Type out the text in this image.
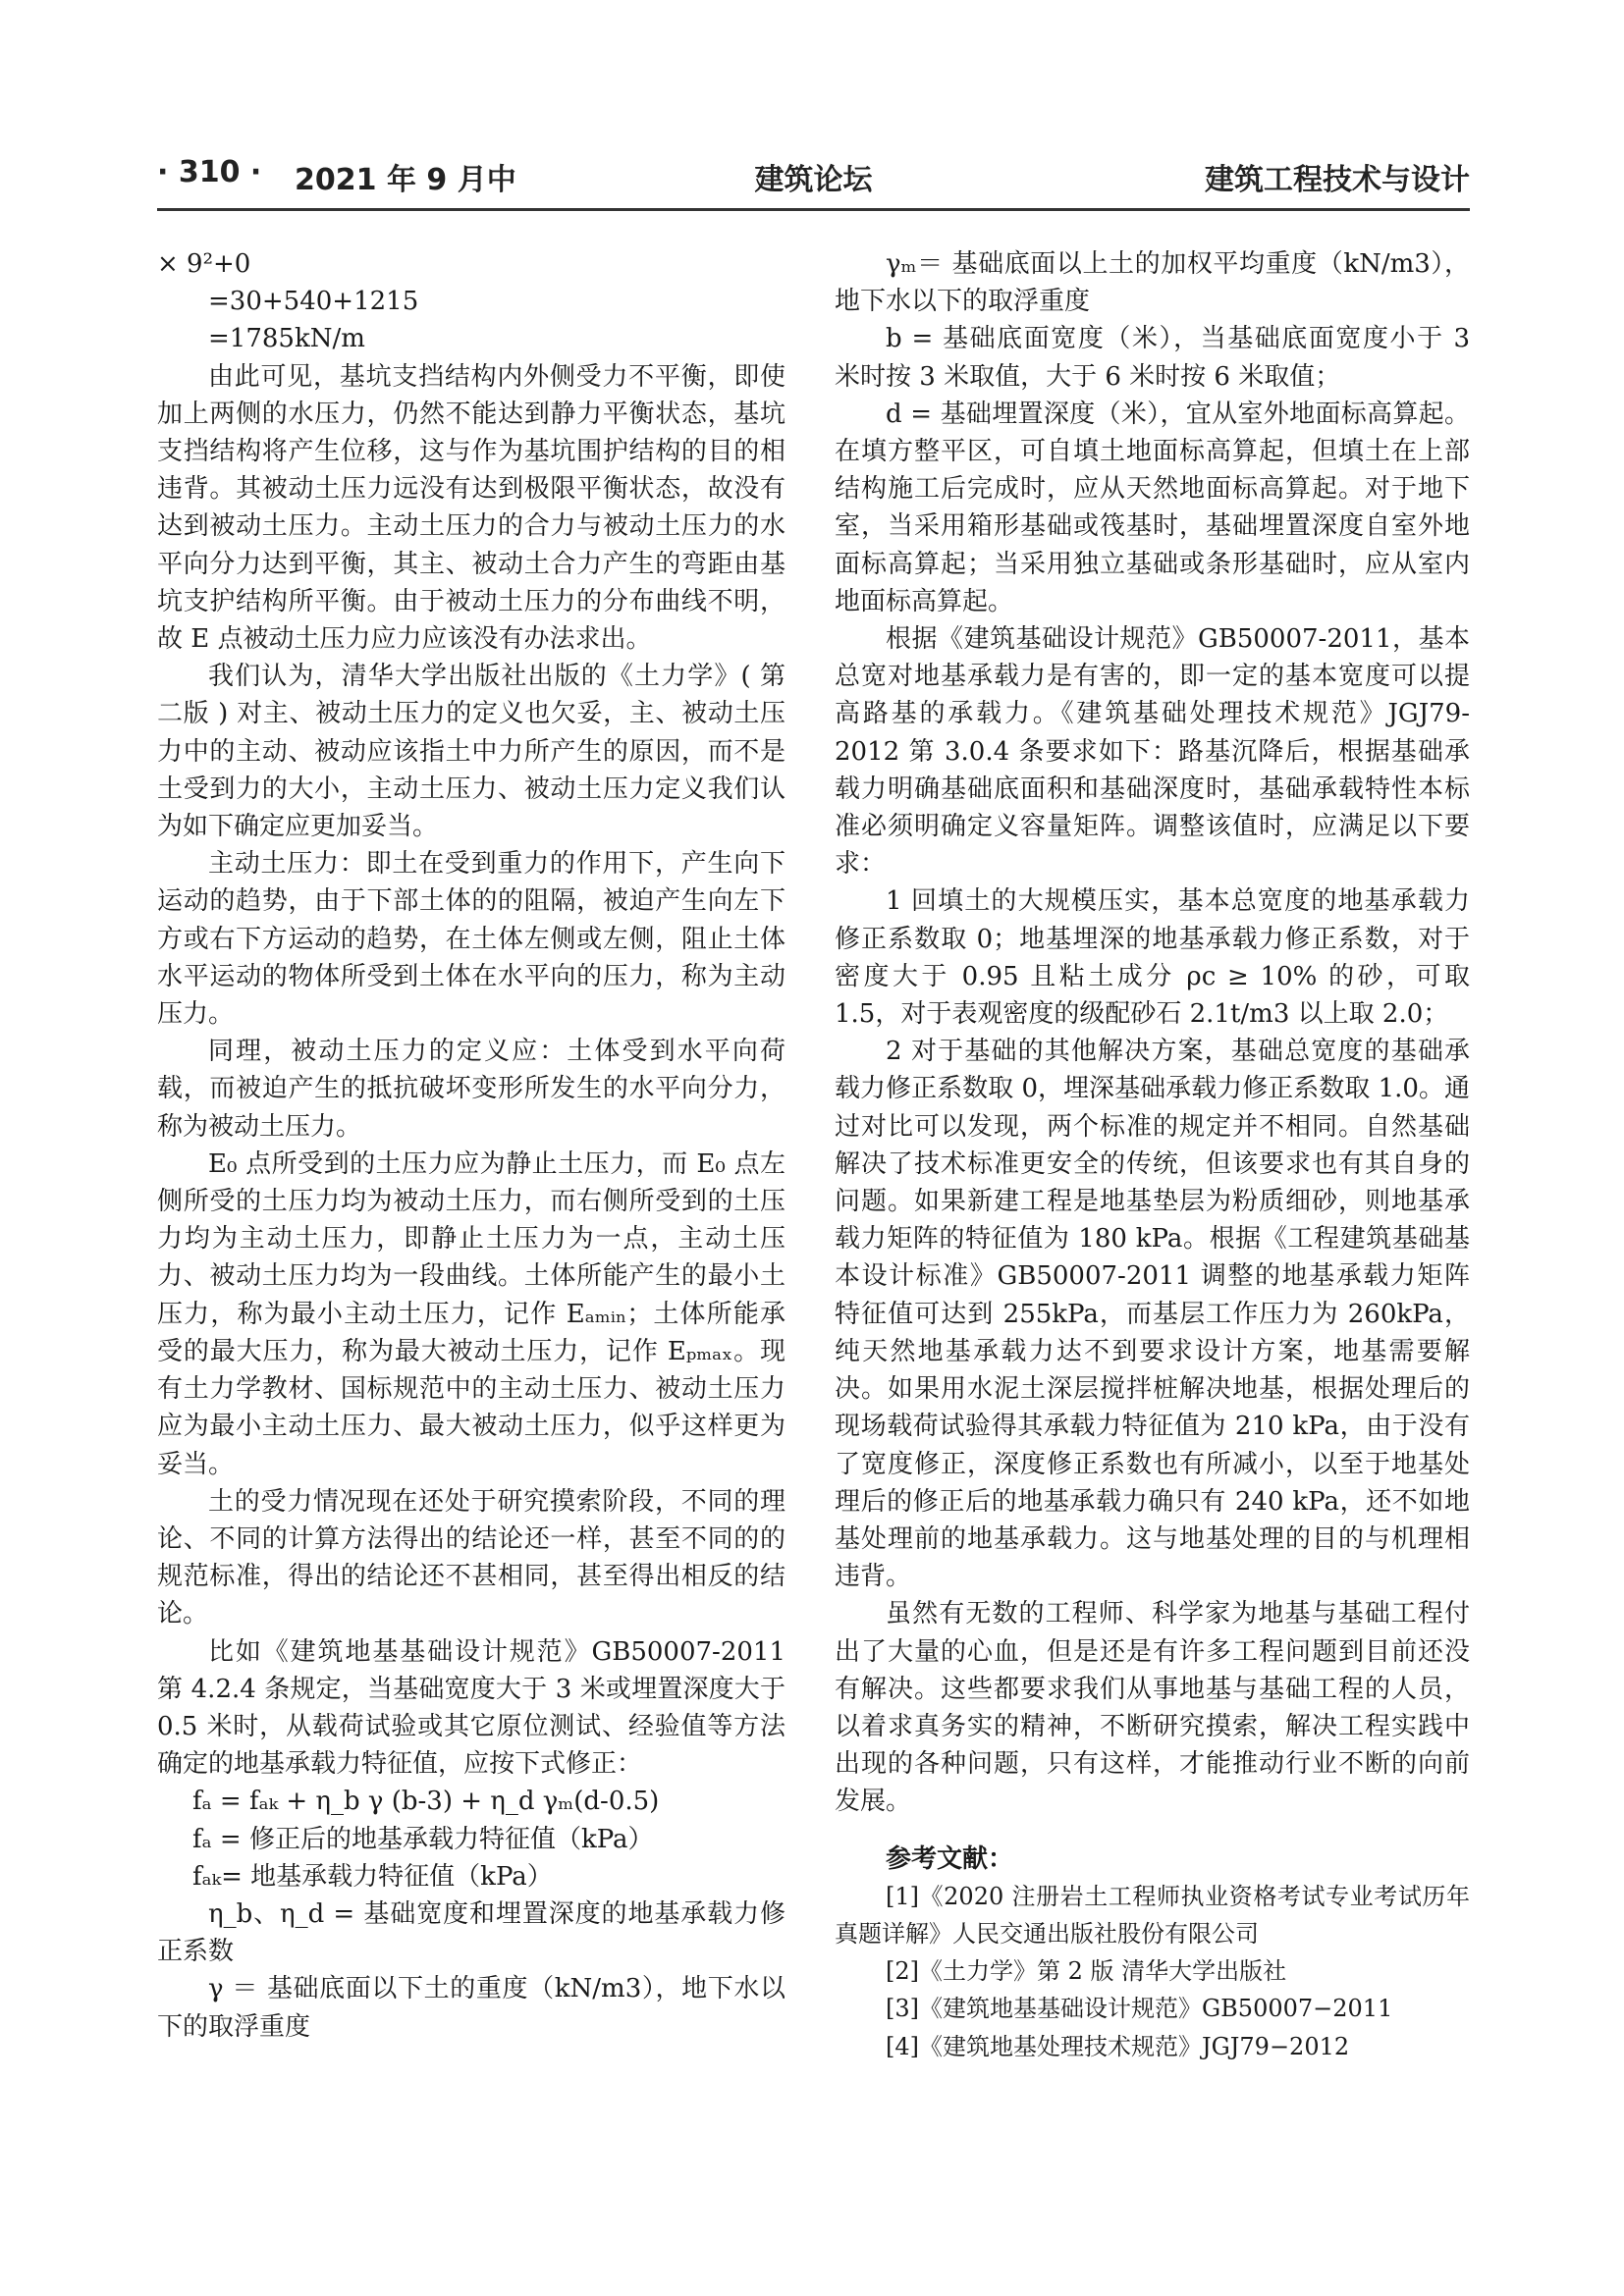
· 310 · 2021 年 9 月中	建筑论坛	建筑工程技术与设计

× 9²+0

=30+540+1215

=1785kN/m

由此可见，基坑支挡结构内外侧受力不平衡，即使加上两侧的水压力，仍然不能达到静力平衡状态，基坑支挡结构将产生位移，这与作为基坑围护结构的目的相违背。其被动土压力远没有达到极限平衡状态，故没有达到被动土压力。主动土压力的合力与被动土压力的水平向分力达到平衡，其主、被动土合力产生的弯距由基坑支护结构所平衡。由于被动土压力的分布曲线不明，故 E 点被动土压力应力应该没有办法求出。

我们认为，清华大学出版社出版的《土力学》( 第二版 ) 对主、被动土压力的定义也欠妥，主、被动土压力中的主动、被动应该指土中力所产生的原因，而不是土受到力的大小，主动土压力、被动土压力定义我们认为如下确定应更加妥当。

主动土压力：即土在受到重力的作用下，产生向下运动的趋势，由于下部土体的的阻隔，被迫产生向左下方或右下方运动的趋势，在土体左侧或左侧，阻止土体水平运动的物体所受到土体在水平向的压力，称为主动压力。

同理，被动土压力的定义应：土体受到水平向荷载，而被迫产生的抵抗破坏变形所发生的水平向分力，称为被动土压力。

E₀ 点所受到的土压力应为静止土压力，而 E₀ 点左侧所受的土压力均为被动土压力，而右侧所受到的土压力均为主动土压力，即静止土压力为一点，主动土压力、被动土压力均为一段曲线。土体所能产生的最小土压力，称为最小主动土压力，记作 Eₐₘᵢₙ；土体所能承受的最大压力，称为最大被动土压力，记作 Eₚₘₐₓ。现有土力学教材、国标规范中的主动土压力、被动土压力应为最小主动土压力、最大被动土压力，似乎这样更为妥当。

土的受力情况现在还处于研究摸索阶段，不同的理论、不同的计算方法得出的结论还一样，甚至不同的的规范标准，得出的结论还不甚相同，甚至得出相反的结论。

比如《建筑地基基础设计规范》GB50007-2011 第 4.2.4 条规定，当基础宽度大于 3 米或埋置深度大于 0.5 米时，从载荷试验或其它原位测试、经验值等方法确定的地基承载力特征值，应按下式修正：

fₐ = fₐₖ + η_b γ (b-3) + η_d γₘ(d-0.5)

fₐ = 修正后的地基承载力特征值（kPa）

fₐₖ= 地基承载力特征值（kPa）

η_b、η_d = 基础宽度和埋置深度的地基承载力修正系数

γ ＝ 基础底面以下土的重度（kN/m3），地下水以下的取浮重度

γₘ＝ 基础底面以上土的加权平均重度（kN/m3），地下水以下的取浮重度

b = 基础底面宽度（米），当基础底面宽度小于 3 米时按 3 米取值，大于 6 米时按 6 米取值；

d = 基础埋置深度（米），宜从室外地面标高算起。在填方整平区，可自填土地面标高算起，但填土在上部结构施工后完成时，应从天然地面标高算起。对于地下室，当采用箱形基础或筏基时，基础埋置深度自室外地面标高算起；当采用独立基础或条形基础时，应从室内地面标高算起。

根据《建筑基础设计规范》GB50007-2011，基本总宽对地基承载力是有害的，即一定的基本宽度可以提高路基的承载力。《建筑基础处理技术规范》JGJ79-2012 第 3.0.4 条要求如下：路基沉降后，根据基础承载力明确基础底面积和基础深度时，基础承载特性本标准必须明确定义容量矩阵。调整该值时，应满足以下要求：

1 回填土的大规模压实，基本总宽度的地基承载力修正系数取 0；地基埋深的地基承载力修正系数，对于密度大于 0.95 且粘土成分 ρc ≥ 10% 的砂，可取 1.5，对于表观密度的级配砂石 2.1t/m3 以上取 2.0；

2 对于基础的其他解决方案，基础总宽度的基础承载力修正系数取 0，埋深基础承载力修正系数取 1.0。通过对比可以发现，两个标准的规定并不相同。自然基础解决了技术标准更安全的传统，但该要求也有其自身的问题。如果新建工程是地基垫层为粉质细砂，则地基承载力矩阵的特征值为 180 kPa。根据《工程建筑基础基本设计标准》GB50007-2011 调整的地基承载力矩阵特征值可达到 255kPa，而基层工作压力为 260kPa，纯天然地基承载力达不到要求设计方案，地基需要解决。如果用水泥土深层搅拌桩解决地基，根据处理后的现场载荷试验得其承载力特征值为 210 kPa，由于没有了宽度修正，深度修正系数也有所减小，以至于地基处理后的修正后的地基承载力确只有 240 kPa，还不如地基处理前的地基承载力。这与地基处理的目的与机理相违背。

虽然有无数的工程师、科学家为地基与基础工程付出了大量的心血，但是还是有许多工程问题到目前还没有解决。这些都要求我们从事地基与基础工程的人员，以着求真务实的精神，不断研究摸索，解决工程实践中出现的各种问题，只有这样，才能推动行业不断的向前发展。

参考文献：

[1]《2020 注册岩土工程师执业资格考试专业考试历年真题详解》人民交通出版社股份有限公司

[2]《土力学》第 2 版 清华大学出版社

[3]《建筑地基基础设计规范》GB50007−2011

[4]《建筑地基处理技术规范》JGJ79−2012
